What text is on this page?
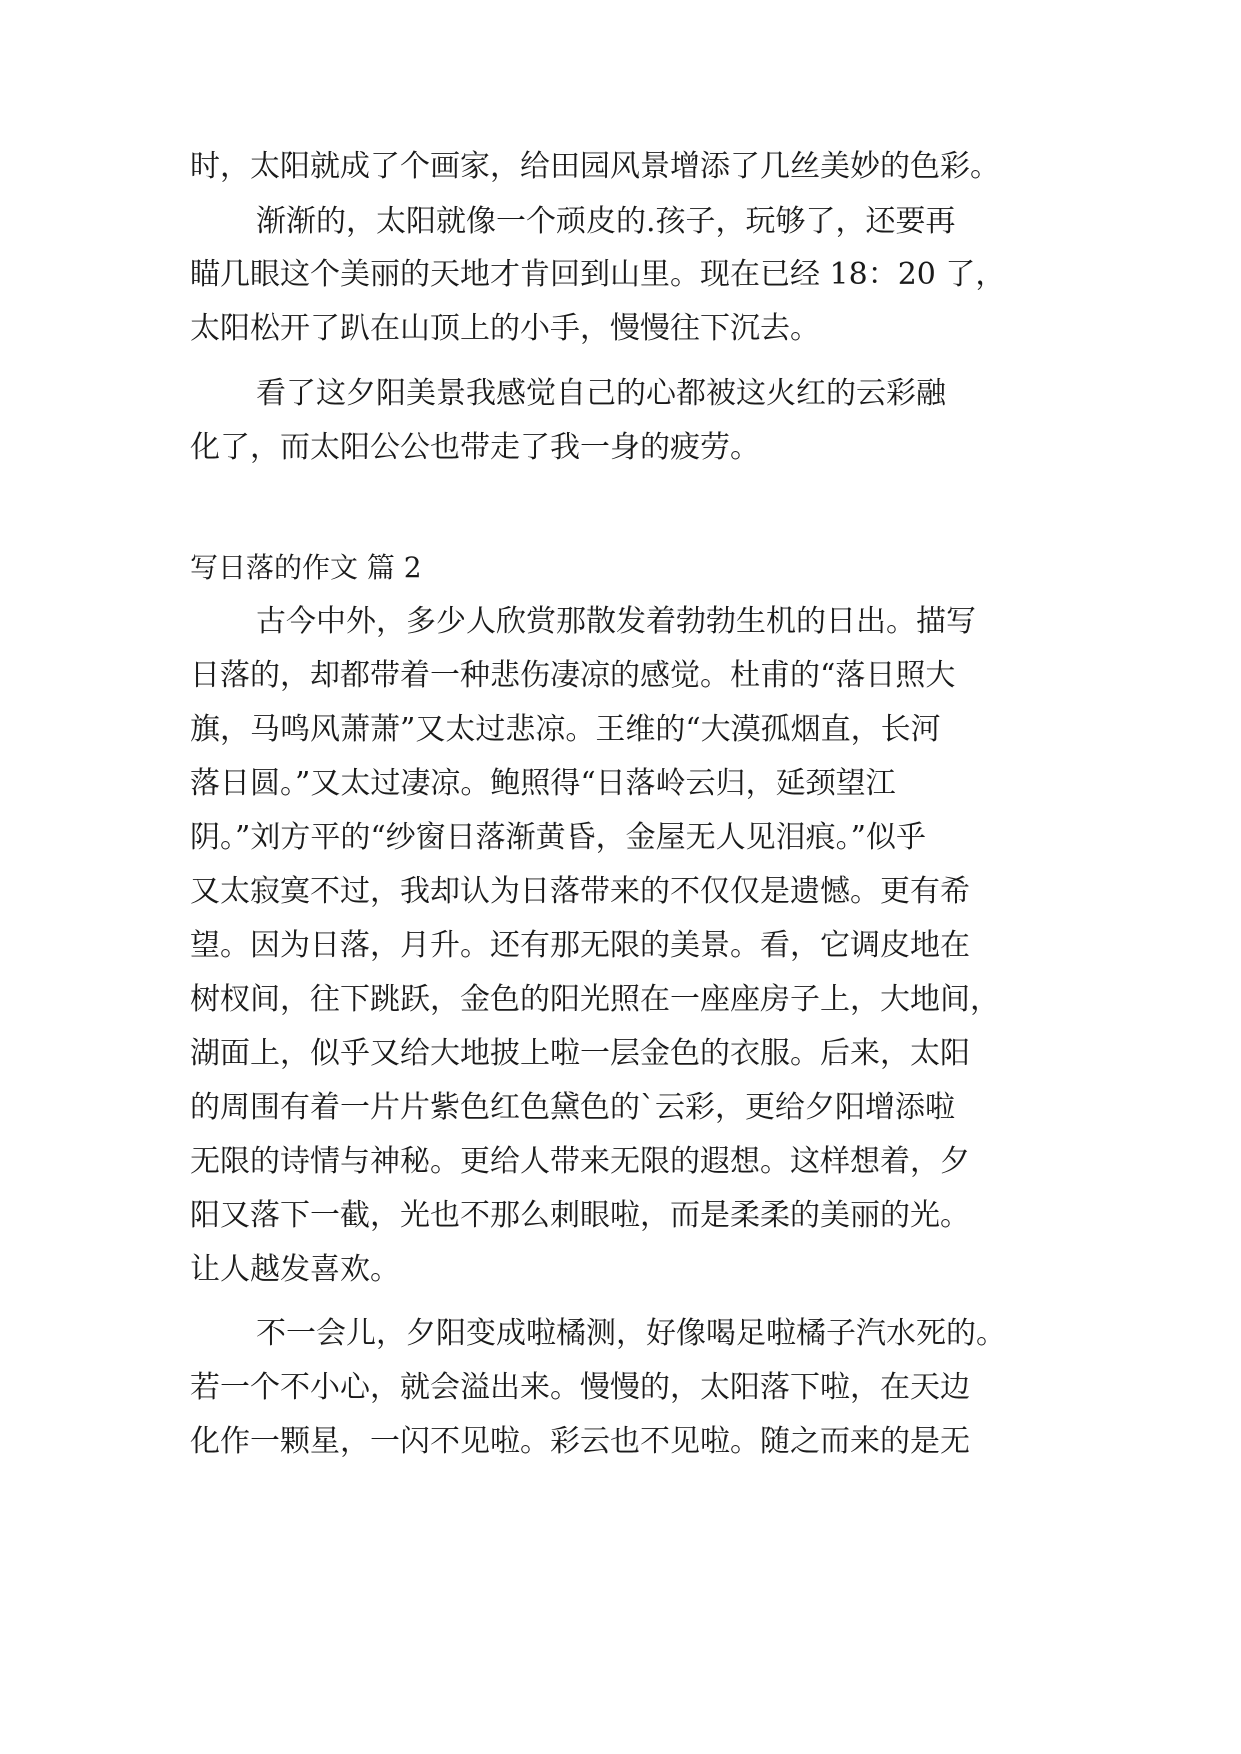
时，太阳就成了个画家，给田园风景增添了几丝美妙的色彩。
渐渐的，太阳就像一个顽皮的.孩子，玩够了，还要再
瞄几眼这个美丽的天地才肯回到山里。现在已经 18：20 了，
太阳松开了趴在山顶上的小手，慢慢往下沉去。
看了这夕阳美景我感觉自己的心都被这火红的云彩融
化了，而太阳公公也带走了我一身的疲劳。
写日落的作文 篇 2
古今中外，多少人欣赏那散发着勃勃生机的日出。描写
日落的，却都带着一种悲伤凄凉的感觉。杜甫的“落日照大
旗，马鸣风萧萧”又太过悲凉。王维的“大漠孤烟直，长河
落日圆。”又太过凄凉。鲍照得“日落岭云归，延颈望江
阴。”刘方平的“纱窗日落渐黄昏，金屋无人见泪痕。”似乎
又太寂寞不过，我却认为日落带来的不仅仅是遗憾。更有希
望。因为日落，月升。还有那无限的美景。看，它调皮地在
树杈间，往下跳跃，金色的阳光照在一座座房子上，大地间，
湖面上，似乎又给大地披上啦一层金色的衣服。后来，太阳
的周围有着一片片紫色红色黛色的`云彩，更给夕阳增添啦
无限的诗情与神秘。更给人带来无限的遐想。这样想着，夕
阳又落下一截，光也不那么刺眼啦，而是柔柔的美丽的光。
让人越发喜欢。
不一会儿，夕阳变成啦橘测，好像喝足啦橘子汽水死的。
若一个不小心，就会溢出来。慢慢的，太阳落下啦，在天边
化作一颗星，一闪不见啦。彩云也不见啦。随之而来的是无
